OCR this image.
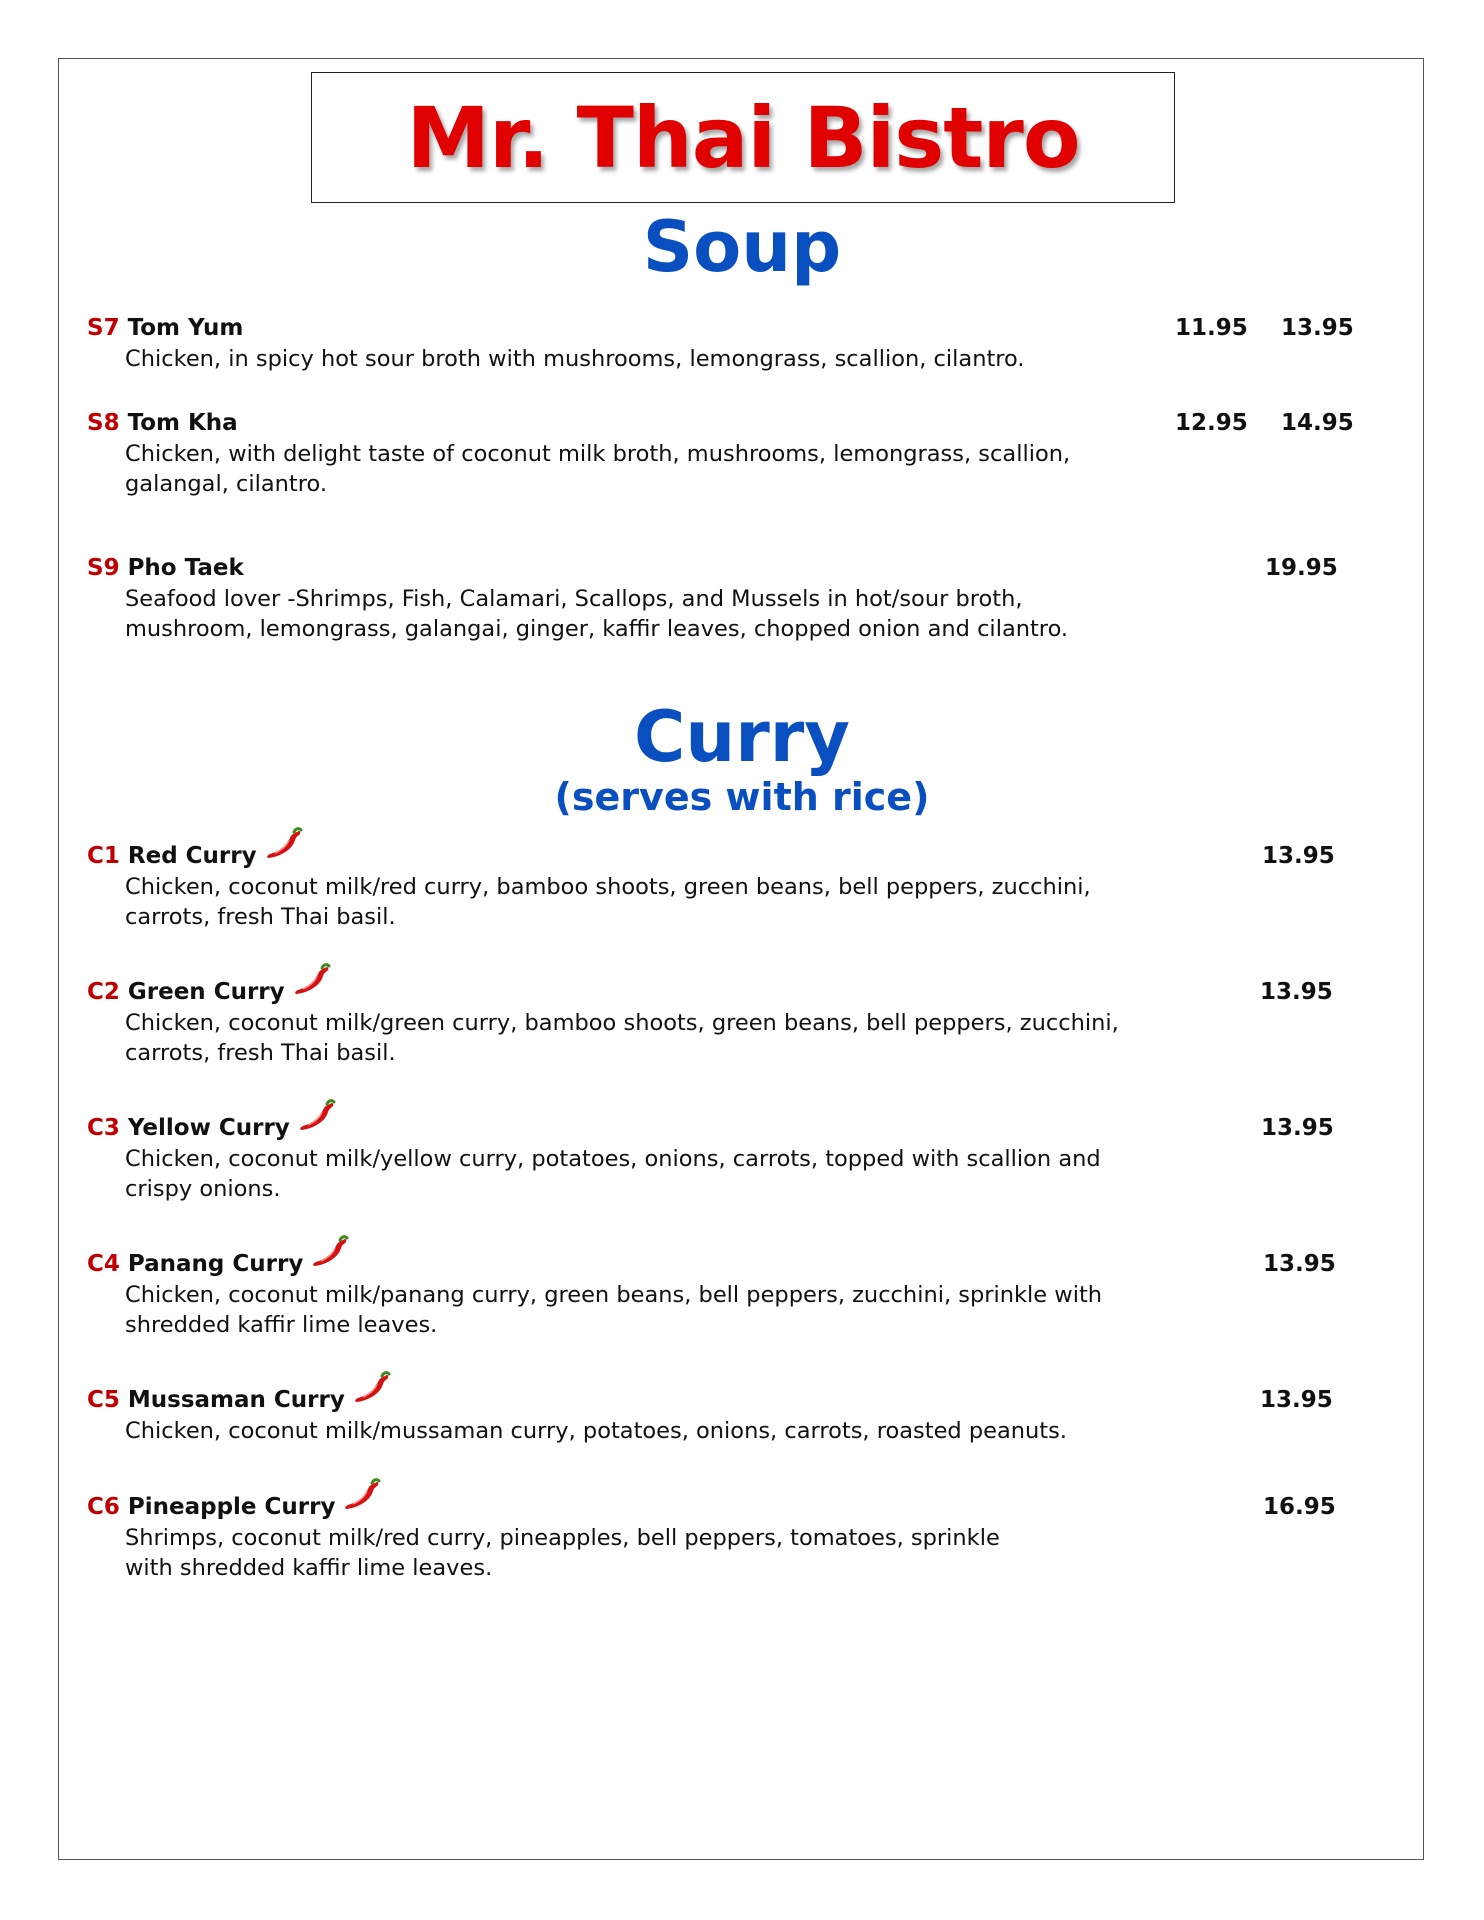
Mr. Thai Bistro
Soup
S7 Tom Yum
Chicken, in spicy hot sour broth with mushrooms, lemongrass, scallion, cilantro.
11.95 13.95
S8 Tom Kha
Chicken, with delight taste of coconut milk broth, mushrooms, lemongrass, scallion, galangal, cilantro.
12.95 14.95
S9 Pho Taek
Seafood lover -Shrimps, Fish, Calamari, Scallops, and Mussels in hot/sour broth, mushroom, lemongrass, galangai, ginger, kaffir leaves, chopped onion and cilantro.
19.95
Curry
(serves with rice)
C1 Red Curry
Chicken, coconut milk/red curry, bamboo shoots, green beans, bell peppers, zucchini, carrots, fresh Thai basil.
13.95
C2 Green Curry
Chicken, coconut milk/green curry, bamboo shoots, green beans, bell peppers, zucchini, carrots, fresh Thai basil.
13.95
C3 Yellow Curry
Chicken, coconut milk/yellow curry, potatoes, onions, carrots, topped with scallion and crispy onions.
13.95
C4 Panang Curry
Chicken, coconut milk/panang curry, green beans, bell peppers, zucchini, sprinkle with shredded kaffir lime leaves.
13.95
C5 Mussaman Curry
Chicken, coconut milk/mussaman curry, potatoes, onions, carrots, roasted peanuts.
13.95
C6 Pineapple Curry
Shrimps, coconut milk/red curry, pineapples, bell peppers, tomatoes, sprinkle with shredded kaffir lime leaves.
16.95
